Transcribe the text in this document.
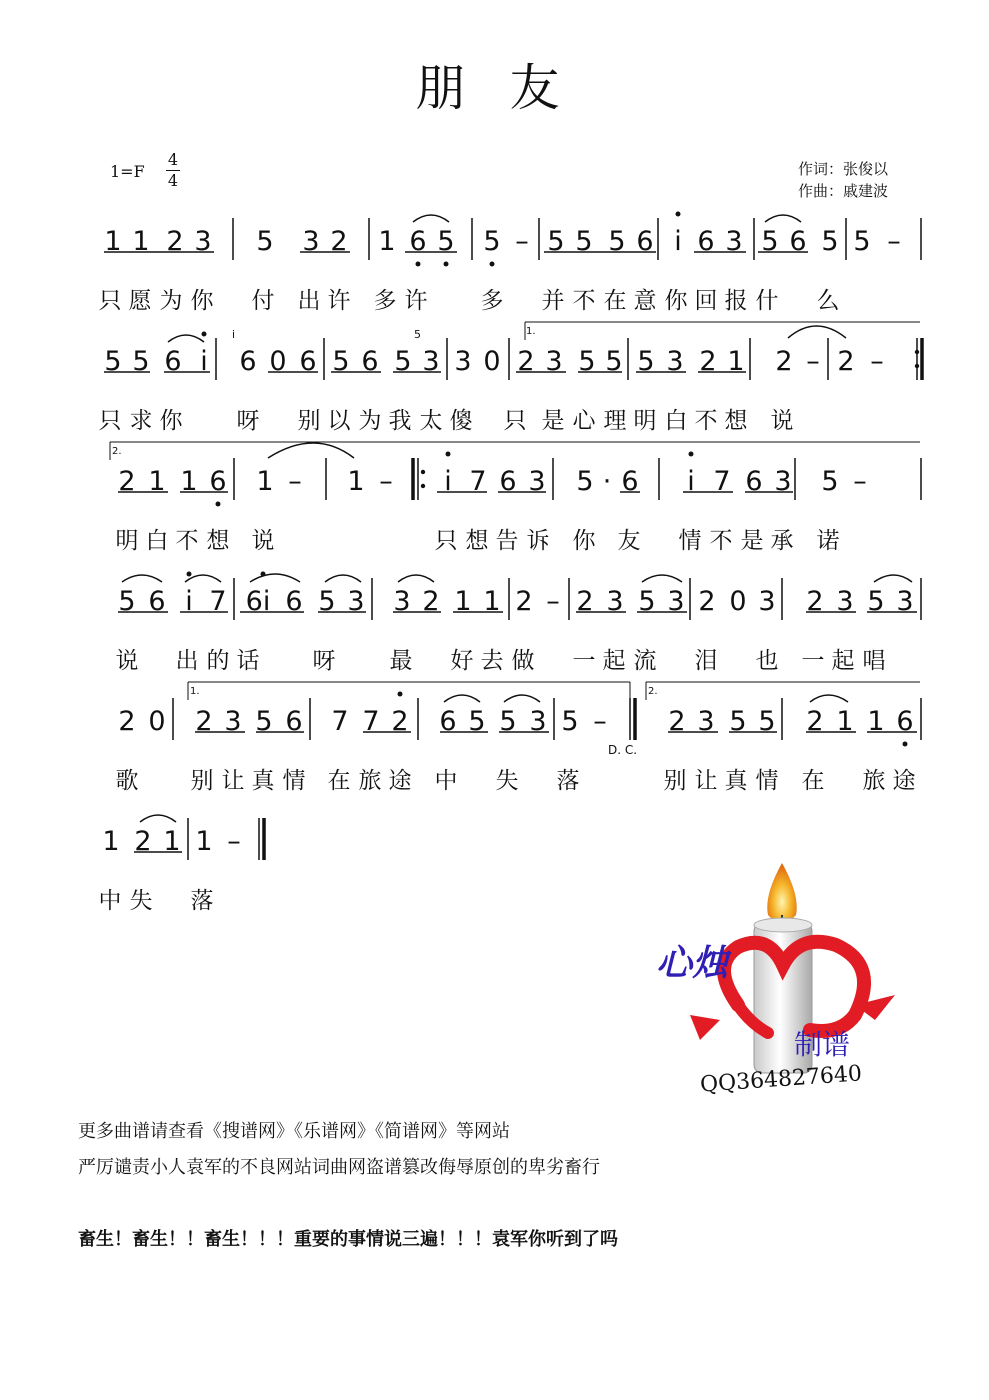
朋 友
1=F
4
4
作词：张俊以
作曲：戚建波
1 1 2 3 5 3 2 1 6 5 5 – 5 5 5 6 i 6 3 5 6 5 5 –
只 愿 为 你 付 出 许 多 许 多 并 不 在 意 你 回 报 什 么
1.
i	5
5 5 6 i 6 0 6 5 6 5 3 3 0 2 3 5 5 5 3 2 1 2 – 2 –
只 求 你 呀 别 以 为 我 太 傻 只 是 心 理 明 白 不 想 说
2.
2 1 1 6 1 – 1 – i 7 6 3 5 · 6 i 7 6 3 5 –
明 白 不 想 说	只 想 告 诉 你 友 情 不 是 承 诺
5 6 i 7 6i 6 5 3 3 2 1 1 2 – 2 3 5 3 2 0 3 2 3 5 3
说 出 的 话 呀 最 好 去 做 一 起 流 泪 也 一 起 唱
1.	2.
D. C.
2 0 2 3 5 6 7 7 2 6 5 5 3 5 – 2 3 5 5 2 1 1 6
歌 别 让 真 情 在 旅 途 中 失 落	别 让 真 情 在 旅 途
1 2 1 1 –
中 失 落
心烛
制谱
QQ364827640
更多曲谱请查看《搜谱网》《乐谱网》《简谱网》等网站
严厉谴责小人袁军的不良网站词曲网盗谱篡改侮辱原创的卑劣畜行
畜生！畜生！！畜生！！！重要的事情说三遍！！！袁军你听到了吗
